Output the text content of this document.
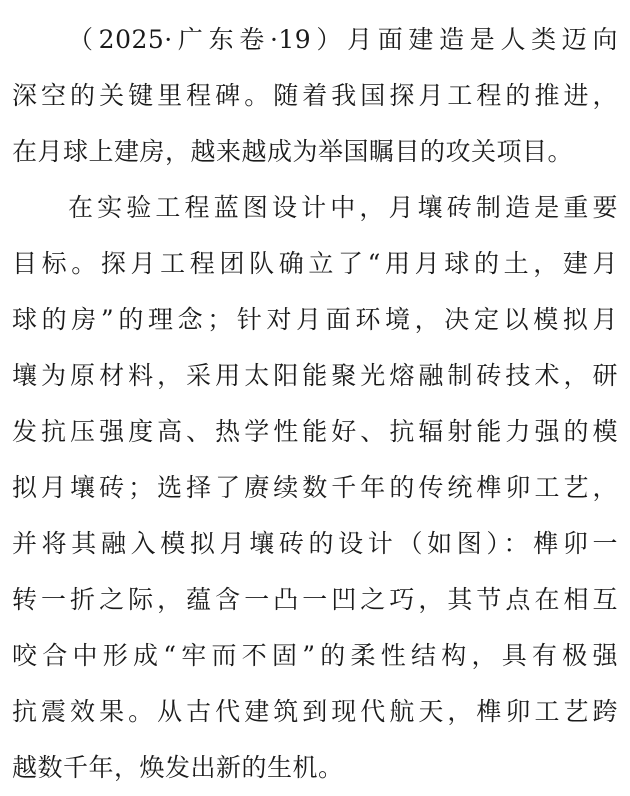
（2025·广东卷·19）月面建造是人类迈向
深空的关键里程碑。随着我国探月工程的推进，
在月球上建房，越来越成为举国瞩目的攻关项目。
在实验工程蓝图设计中，月壤砖制造是重要
目标。探月工程团队确立了“用月球的土，建月
球的房”的理念；针对月面环境，决定以模拟月
壤为原材料，采用太阳能聚光熔融制砖技术，研
发抗压强度高、热学性能好、抗辐射能力强的模
拟月壤砖；选择了赓续数千年的传统榫卯工艺，
并将其融入模拟月壤砖的设计（如图）：榫卯一
转一折之际，蕴含一凸一凹之巧，其节点在相互
咬合中形成“牢而不固”的柔性结构，具有极强
抗震效果。从古代建筑到现代航天，榫卯工艺跨
越数千年，焕发出新的生机。
